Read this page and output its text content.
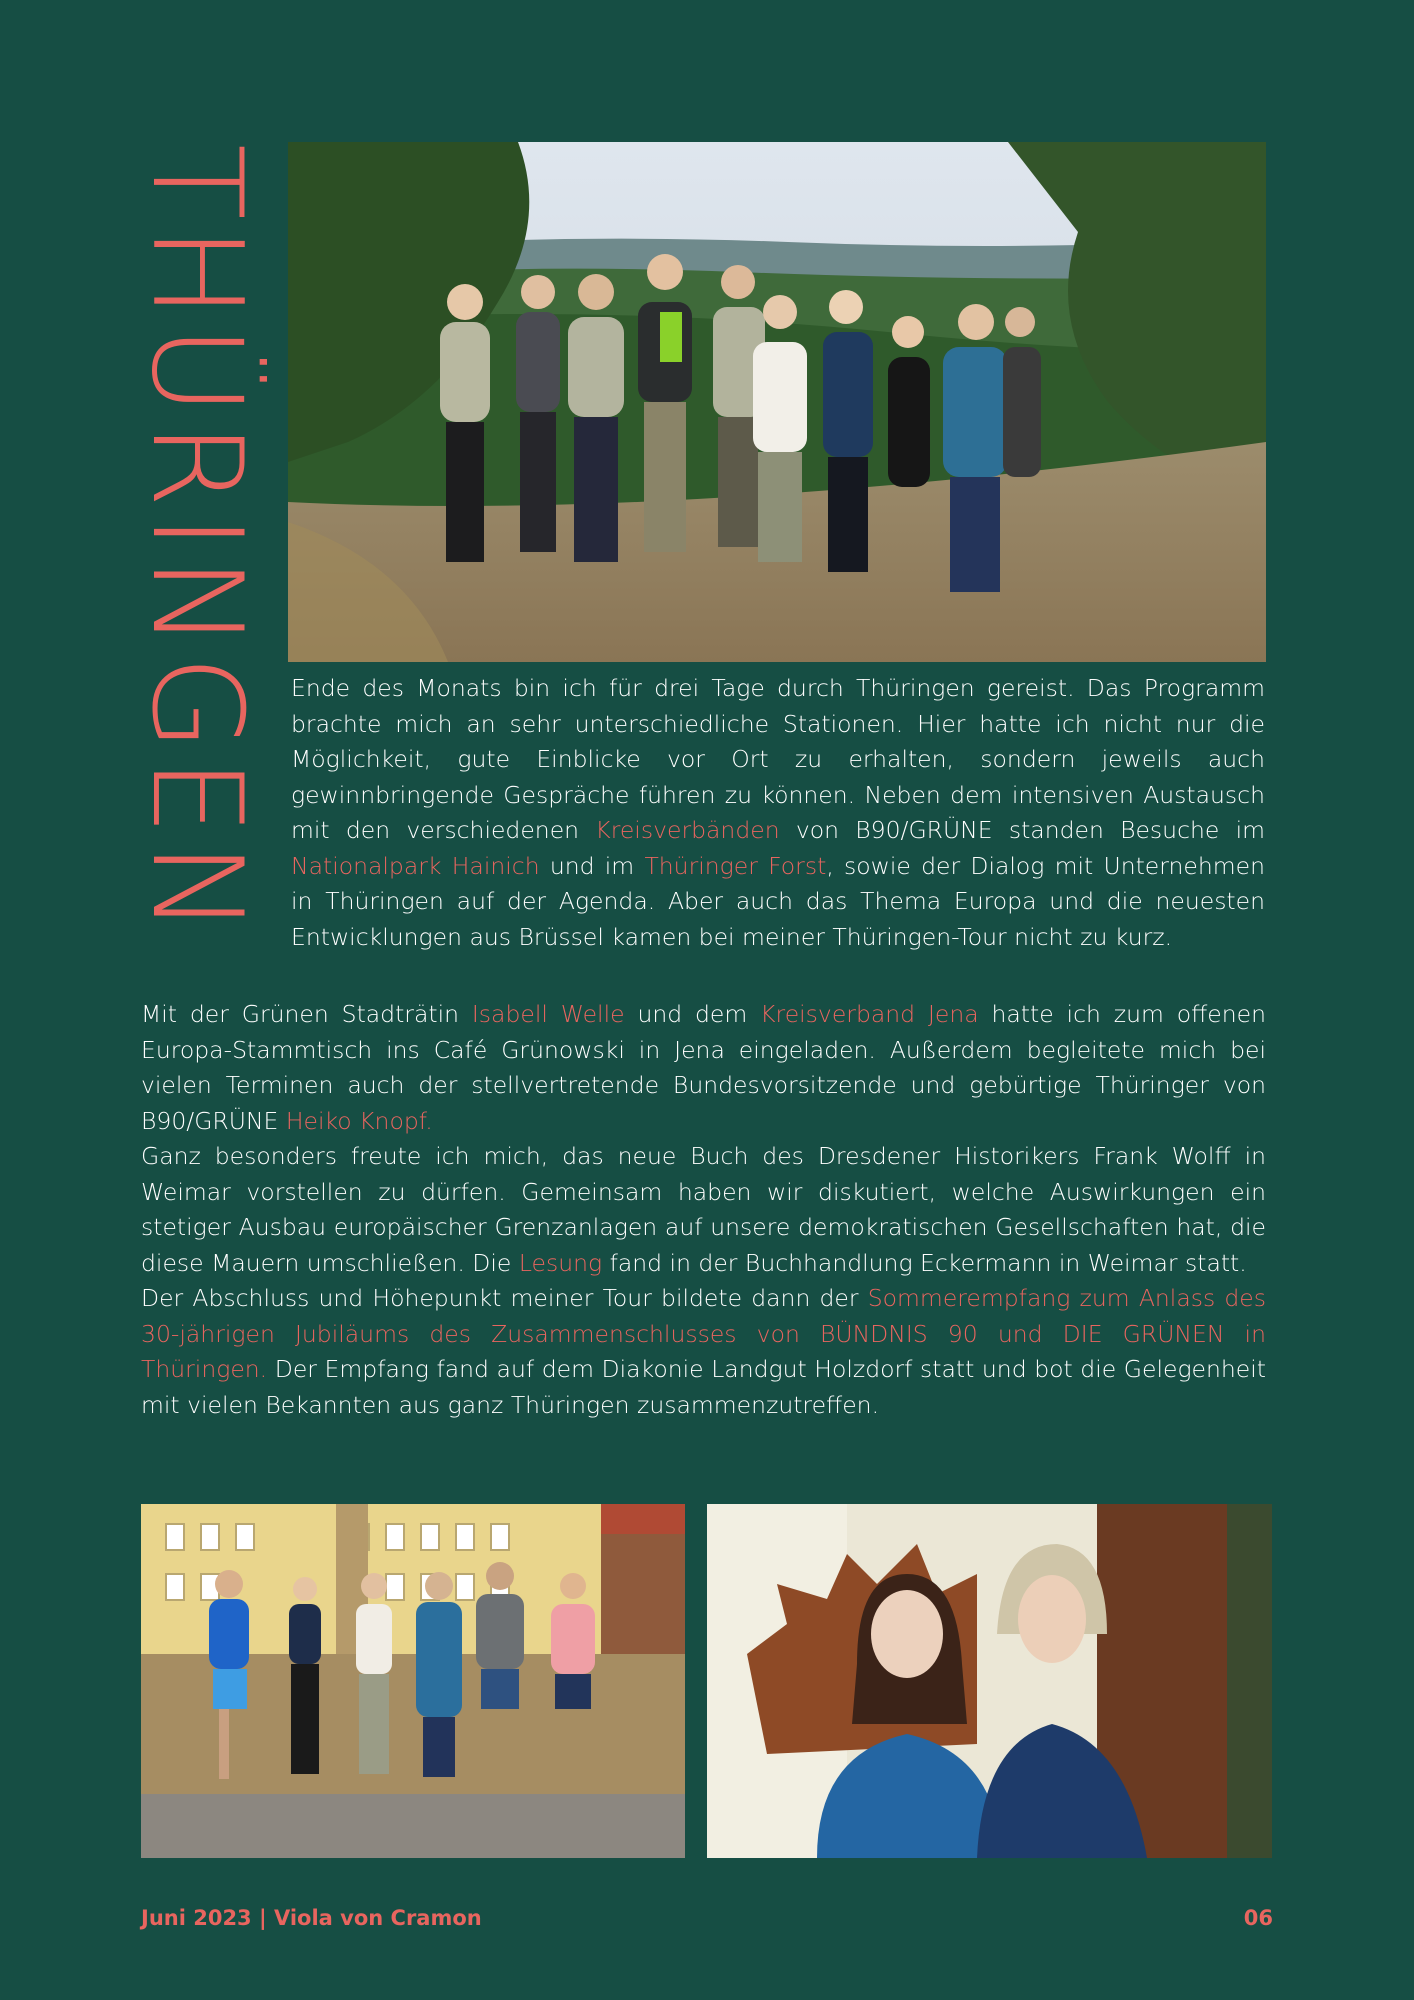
THÜRINGEN Ende des Monats bin ich für drei Tage durch Thüringen gereist. Das Programm brachte mich an sehr unterschiedliche Stationen. Hier hatte ich nicht nur die Möglichkeit, gute Einblicke vor Ort zu erhalten, sondern jeweils auch gewinnbringende Gespräche führen zu können. Neben dem intensiven Austausch mit den verschiedenen Kreisverbänden von B90/GRÜNE standen Besuche im Nationalpark Hainich und im Thüringer Forst, sowie der Dialog mit Unternehmen in Thüringen auf der Agenda. Aber auch das Thema Europa und die neuesten Entwicklungen aus Brüssel kamen bei meiner Thüringen-Tour nicht zu kurz.

Mit der Grünen Stadträtin Isabell Welle und dem Kreisverband Jena hatte ich zum offenen Europa-Stammtisch ins Café Grünowski in Jena eingeladen. Außerdem begleitete mich bei vielen Terminen auch der stellvertretende Bundesvorsitzende und gebürtige Thüringer von B90/GRÜNE Heiko Knopf.

Ganz besonders freute ich mich, das neue Buch des Dresdener Historikers Frank Wolff in Weimar vorstellen zu dürfen. Gemeinsam haben wir diskutiert, welche Auswirkungen ein stetiger Ausbau europäischer Grenzanlagen auf unsere demokratischen Gesellschaften hat, die diese Mauern umschließen. Die Lesung fand in der Buchhandlung Eckermann in Weimar statt.

Der Abschluss und Höhepunkt meiner Tour bildete dann der Sommerempfang zum Anlass des 30-jährigen Jubiläums des Zusammenschlusses von BÜNDNIS 90 und DIE GRÜNEN in Thüringen. Der Empfang fand auf dem Diakonie Landgut Holzdorf statt und bot die Gelegenheit mit vielen Bekannten aus ganz Thüringen zusammenzutreffen.

Juni 2023 | Viola von Cramon	06
